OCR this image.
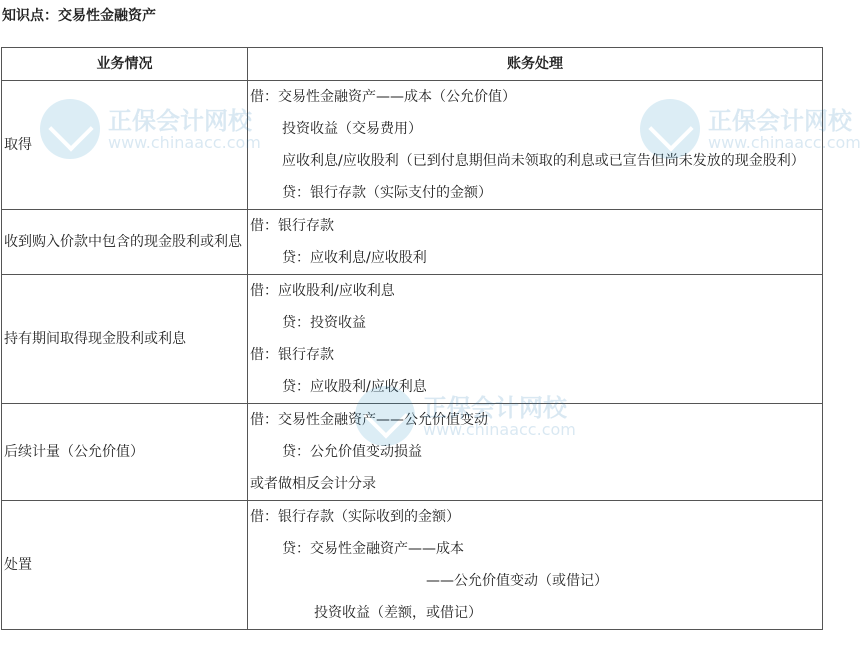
知识点：交易性金融资产
业务情况	账务处理
取得	借：交易性金融资产——成本（公允价值）
投资收益（交易费用）
应收利息/应收股利（已到付息期但尚未领取的利息或已宣告但尚未发放的现金股利）
贷：银行存款（实际支付的金额）

收到购入价款中包含的现金股利或利息	借：银行存款
贷：应收利息/应收股利

持有期间取得现金股利或利息	借：应收股利/应收利息
贷：投资收益
借：银行存款
贷：应收股利/应收利息

后续计量（公允价值）	借：交易性金融资产——公允价值变动
贷：公允价值变动损益
或者做相反会计分录

处置	借：银行存款（实际收到的金额）
贷：交易性金融资产——成本
——公允价值变动（或借记）
投资收益（差额，或借记）
正保会计网校
www.chinaacc.com
正保会计网校
www.chinaacc.com
正保会计网校
www.chinaacc.com
